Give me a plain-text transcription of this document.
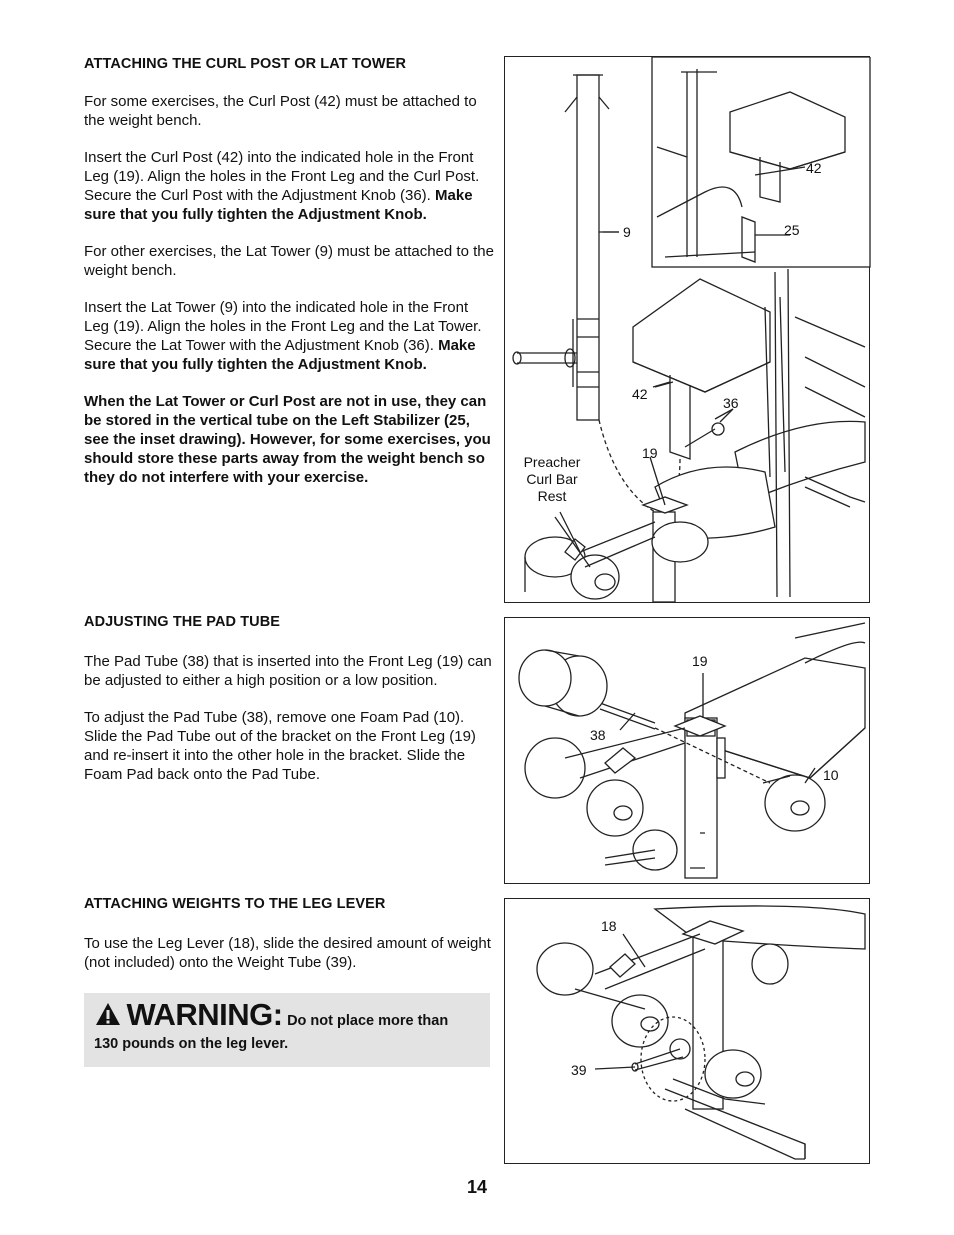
ATTACHING THE CURL POST OR LAT TOWER

For some exercises, the Curl Post (42) must be attached to the weight bench.

Insert the Curl Post (42) into the indicated hole in the Front Leg (19). Align the holes in the Front Leg and the Curl Post. Secure the Curl Post with the Adjustment Knob (36). Make sure that you fully tighten the Adjustment Knob.

For other exercises, the Lat Tower (9) must be attached to the weight bench.

Insert the Lat Tower (9) into the indicated hole in the Front Leg (19). Align the holes in the Front Leg and the Lat Tower. Secure the Lat Tower with the Adjustment Knob (36). Make sure that you fully tighten the Adjustment Knob.

When the Lat Tower or Curl Post are not in use, they can be stored in the vertical tube on the Left Stabilizer (25, see the inset drawing). However, for some exercises, you should store these parts away from the weight bench so they do not interfere with your exercise.

42
25
9
42
36
19
Preacher
Curl Bar
Rest

ADJUSTING THE PAD TUBE

The Pad Tube (38) that is inserted into the Front Leg (19) can be adjusted to either a high position or a low position.

To adjust the Pad Tube (38), remove one Foam Pad (10). Slide the Pad Tube out of the bracket on the Front Leg (19) and re-insert it into the other hole in the bracket. Slide the Foam Pad back onto the Pad Tube.

19
38
10

ATTACHING WEIGHTS TO THE LEG LEVER

To use the Leg Lever (18), slide the desired amount of weight (not included) onto the Weight Tube (39).

WARNING: Do not place more than
130 pounds on the leg lever.
18
39
14
